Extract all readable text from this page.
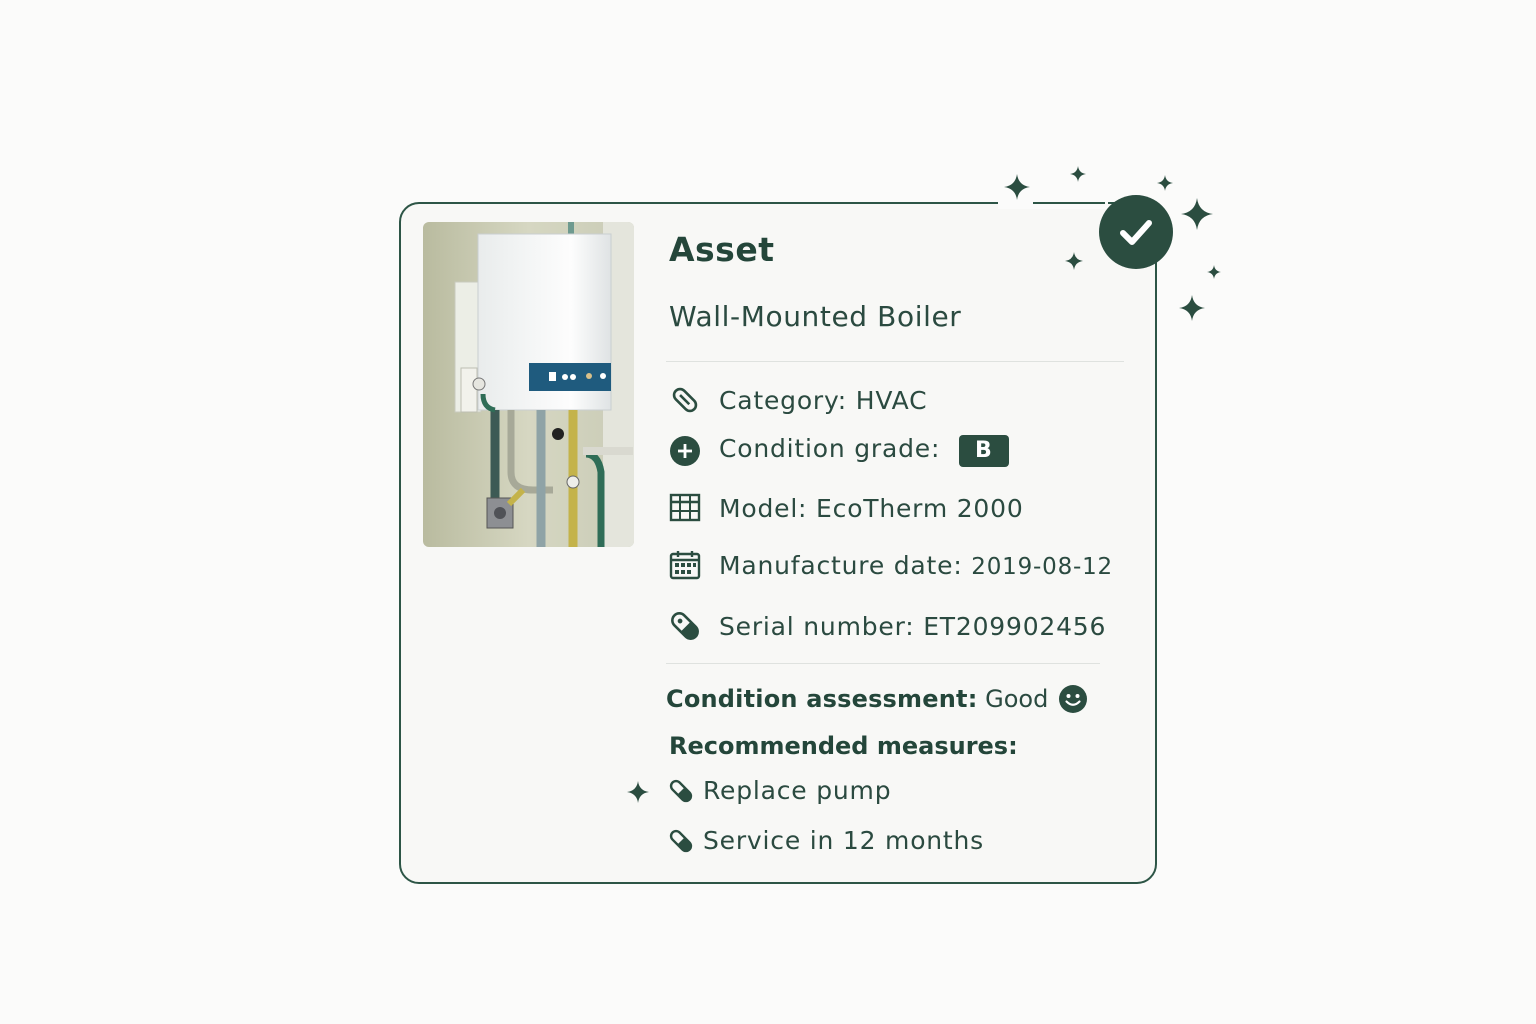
Asset
Wall-Mounted Boiler
Category: HVAC
Condition grade: B
Model: EcoTherm 2000
Manufacture date: 2019-08-12
Serial number: ET209902456
Condition assessment :
Good
Recommended measures:
Replace pump
Service in 12 months
